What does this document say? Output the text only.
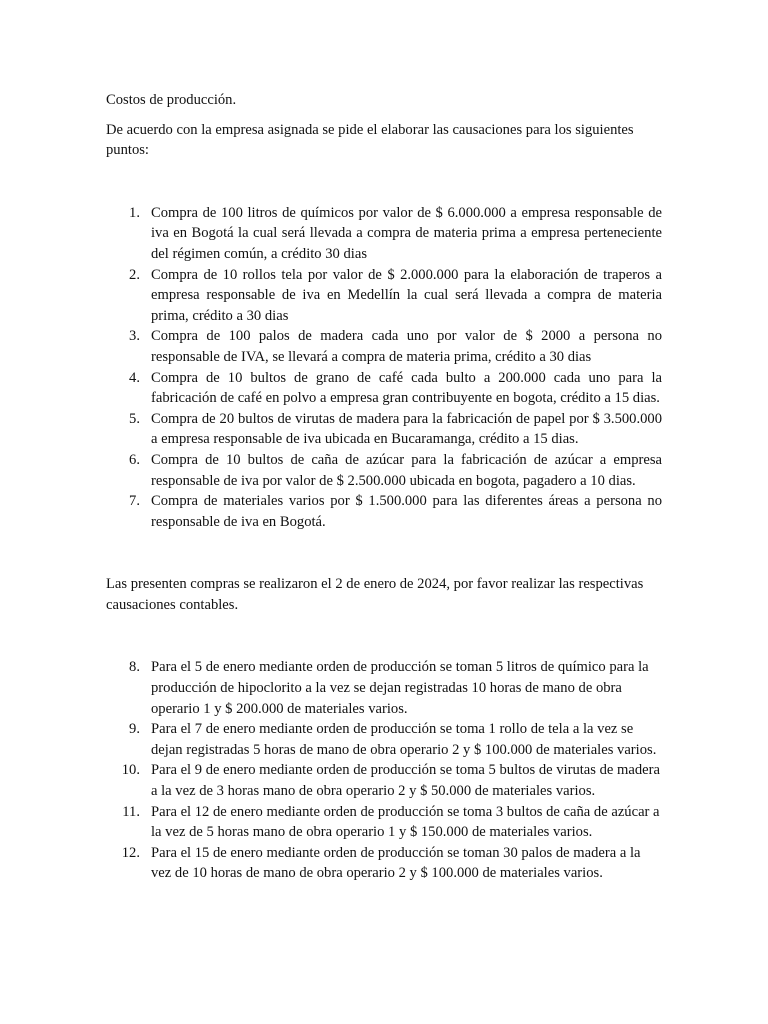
Costos de producción.

De acuerdo con la empresa asignada se pide el elaborar las causaciones para los siguientes puntos:

1. Compra de 100 litros de químicos por valor de $ 6.000.000 a empresa responsable de iva en Bogotá la cual será llevada a compra de materia prima a empresa perteneciente del régimen común, a crédito 30 dias
2. Compra de 10 rollos tela por valor de $ 2.000.000 para la elaboración de traperos a empresa responsable de iva en Medellín la cual será llevada a compra de materia prima, crédito a 30 dias
3. Compra de 100 palos de madera cada uno por valor de $ 2000 a persona no responsable de IVA, se llevará a compra de materia prima, crédito a 30 dias
4. Compra de 10 bultos de grano de café cada bulto a 200.000 cada uno para la fabricación de café en polvo a empresa gran contribuyente en bogota, crédito a 15 dias.
5. Compra de 20 bultos de virutas de madera para la fabricación de papel por $ 3.500.000 a empresa responsable de iva ubicada en Bucaramanga, crédito a 15 dias.
6. Compra de 10 bultos de caña de azúcar para la fabricación de azúcar a empresa responsable de iva por valor de $ 2.500.000 ubicada en bogota, pagadero a 10 dias.
7. Compra de materiales varios por $ 1.500.000 para las diferentes áreas a persona no responsable de iva en Bogotá.

Las presenten compras se realizaron el 2 de enero de 2024, por favor realizar las respectivas causaciones contables.

8. Para el 5 de enero mediante orden de producción se toman 5 litros de químico para la producción de hipoclorito a la vez se dejan registradas 10 horas de mano de obra operario 1 y $ 200.000 de materiales varios.
9. Para el 7 de enero mediante orden de producción se toma 1 rollo de tela a la vez se dejan registradas 5 horas de mano de obra operario 2 y $ 100.000 de materiales varios.
10. Para el 9 de enero mediante orden de producción se toma 5 bultos de virutas de madera a la vez de 3 horas mano de obra operario 2 y $ 50.000 de materiales varios.
11. Para el 12 de enero mediante orden de producción se toma 3 bultos de caña de azúcar a la vez de 5 horas mano de obra operario 1 y $ 150.000 de materiales varios.
12. Para el 15 de enero mediante orden de producción se toman 30 palos de madera a la vez de 10 horas de mano de obra operario 2 y $ 100.000 de materiales varios.
